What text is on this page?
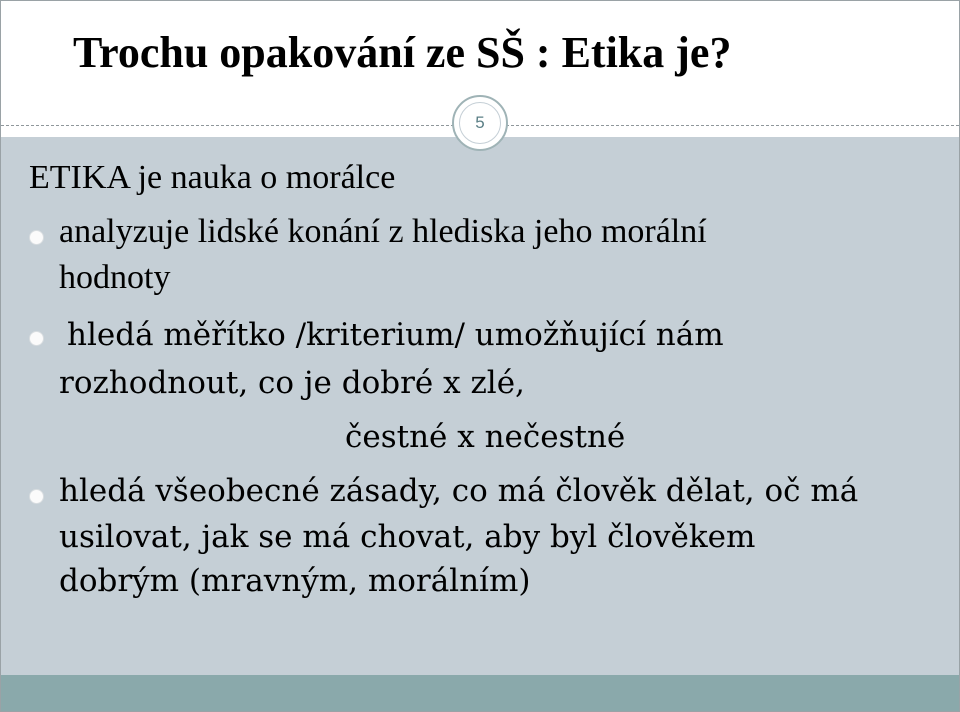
Trochu opakování ze SŠ : Etika je?
5
ETIKA je nauka o morálce
analyzuje lidské konání z hlediska jeho morální
hodnoty
hledá měřítko /kriterium/ umožňující nám
rozhodnout, co je dobré x zlé,
čestné x nečestné
hledá všeobecné zásady, co má člověk dělat, oč má
usilovat, jak se má chovat, aby byl člověkem
dobrým (mravným, morálním)
